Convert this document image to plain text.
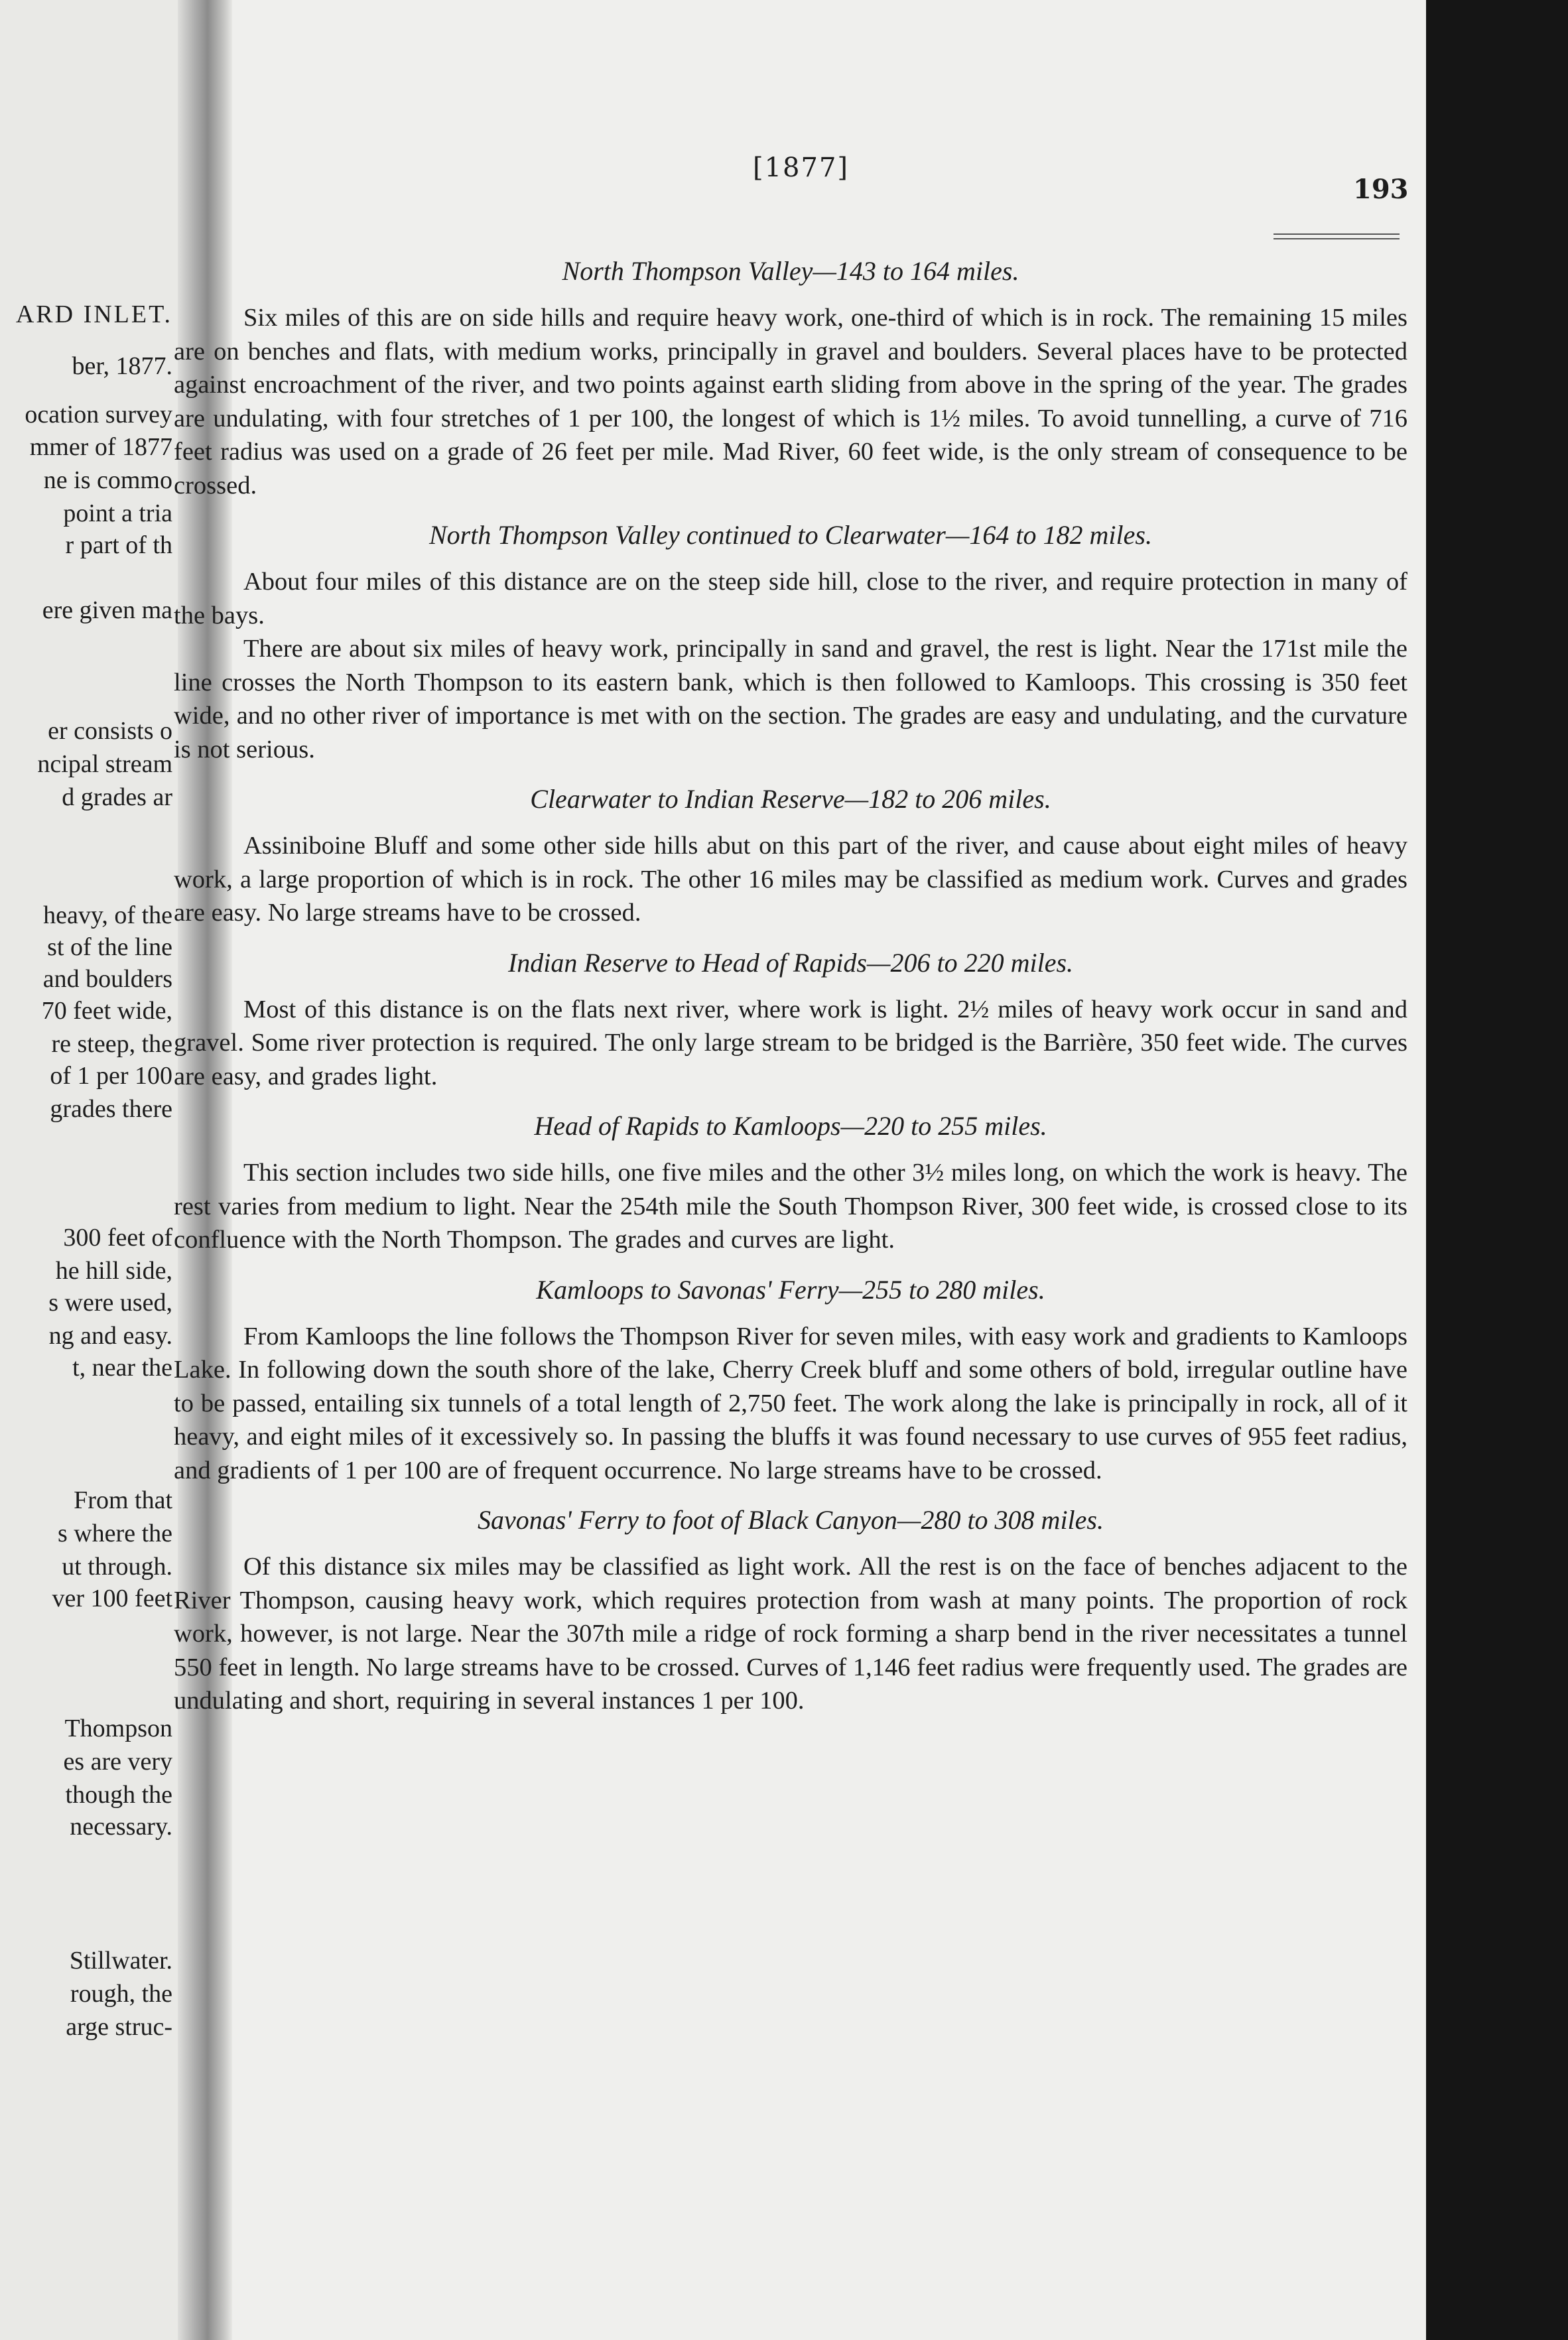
ARD INLET.
ber, 1877.
ocation survey
mmer of 1877
ne is commo
point a tria
r part of th
ere given ma
er consists o
ncipal stream
d grades ar
heavy, of the
st of the line
and boulders
70 feet wide,
re steep, the
of 1 per 100
grades there
300 feet of
he hill side,
s were used,
ng and easy.
t, near the
From that
s where the
ut through.
ver 100 feet
Thompson
es are very
though the
necessary.
Stillwater.
rough, the
arge struc-
[1877]
193

North Thompson Valley—143 to 164 miles.

Six miles of this are on side hills and require heavy work, one-third of which is in rock. The remaining 15 miles are on benches and flats, with medium works, principally in gravel and boulders. Several places have to be protected against encroachment of the river, and two points against earth sliding from above in the spring of the year. The grades are undulating, with four stretches of 1 per 100, the longest of which is 1½ miles. To avoid tunnelling, a curve of 716 feet radius was used on a grade of 26 feet per mile. Mad River, 60 feet wide, is the only stream of consequence to be crossed.

North Thompson Valley continued to Clearwater—164 to 182 miles.

About four miles of this distance are on the steep side hill, close to the river, and require protection in many of the bays.

There are about six miles of heavy work, principally in sand and gravel, the rest is light. Near the 171st mile the line crosses the North Thompson to its eastern bank, which is then followed to Kamloops. This crossing is 350 feet wide, and no other river of importance is met with on the section. The grades are easy and undulating, and the curvature is not serious.

Clearwater to Indian Reserve—182 to 206 miles.

Assiniboine Bluff and some other side hills abut on this part of the river, and cause about eight miles of heavy work, a large proportion of which is in rock. The other 16 miles may be classified as medium work. Curves and grades are easy. No large streams have to be crossed.

Indian Reserve to Head of Rapids—206 to 220 miles.

Most of this distance is on the flats next river, where work is light. 2½ miles of heavy work occur in sand and gravel. Some river protection is required. The only large stream to be bridged is the Barrière, 350 feet wide. The curves are easy, and grades light.

Head of Rapids to Kamloops—220 to 255 miles.

This section includes two side hills, one five miles and the other 3½ miles long, on which the work is heavy. The rest varies from medium to light. Near the 254th mile the South Thompson River, 300 feet wide, is crossed close to its confluence with the North Thompson. The grades and curves are light.

Kamloops to Savonas' Ferry—255 to 280 miles.

From Kamloops the line follows the Thompson River for seven miles, with easy work and gradients to Kamloops Lake. In following down the south shore of the lake, Cherry Creek bluff and some others of bold, irregular outline have to be passed, entailing six tunnels of a total length of 2,750 feet. The work along the lake is principally in rock, all of it heavy, and eight miles of it excessively so. In passing the bluffs it was found necessary to use curves of 955 feet radius, and gradients of 1 per 100 are of frequent occurrence. No large streams have to be crossed.

Savonas' Ferry to foot of Black Canyon—280 to 308 miles.

Of this distance six miles may be classified as light work. All the rest is on the face of benches adjacent to the River Thompson, causing heavy work, which requires protection from wash at many points. The proportion of rock work, however, is not large. Near the 307th mile a ridge of rock forming a sharp bend in the river necessitates a tunnel 550 feet in length. No large streams have to be crossed. Curves of 1,146 feet radius were frequently used. The grades are undulating and short, requiring in several instances 1 per 100.
